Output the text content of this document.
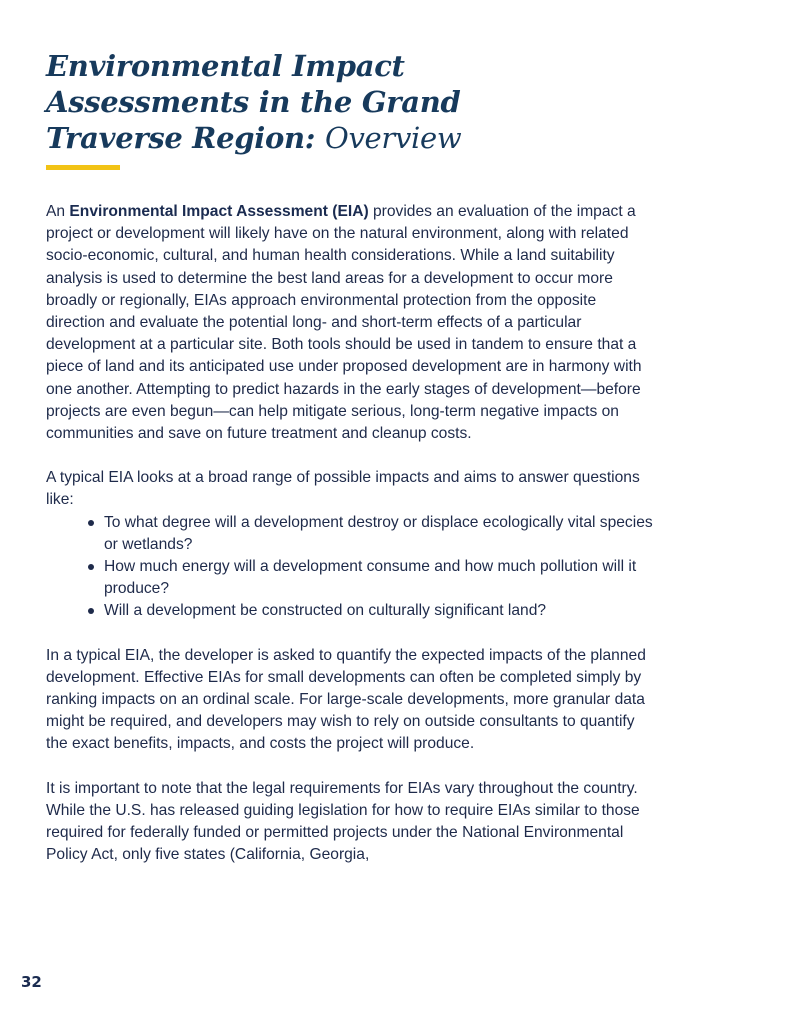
Environmental Impact
Assessments in the Grand
Traverse Region: Overview

An Environmental Impact Assessment (EIA) provides an evaluation of the impact a project or development will likely have on the natural environment, along with related socio-economic, cultural, and human health considerations. While a land suitability analysis is used to determine the best land areas for a development to occur more broadly or regionally, EIAs approach environmental protection from the opposite direction and evaluate the potential long- and short-term effects of a particular development at a particular site. Both tools should be used in tandem to ensure that a piece of land and its anticipated use under proposed development are in harmony with one another. Attempting to predict hazards in the early stages of development—before projects are even begun—can help mitigate serious, long-term negative impacts on communities and save on future treatment and cleanup costs.

A typical EIA looks at a broad range of possible impacts and aims to answer questions like:

To what degree will a development destroy or displace ecologically vital species or wetlands?
How much energy will a development consume and how much pollution will it produce?
Will a development be constructed on culturally significant land?

In a typical EIA, the developer is asked to quantify the expected impacts of the planned development. Effective EIAs for small developments can often be completed simply by ranking impacts on an ordinal scale. For large-scale developments, more granular data might be required, and developers may wish to rely on outside consultants to quantify the exact benefits, impacts, and costs the project will produce.

It is important to note that the legal requirements for EIAs vary throughout the country. While the U.S. has released guiding legislation for how to require EIAs similar to those required for federally funded or permitted projects under the National Environmental Policy Act, only five states (California, Georgia,

32
